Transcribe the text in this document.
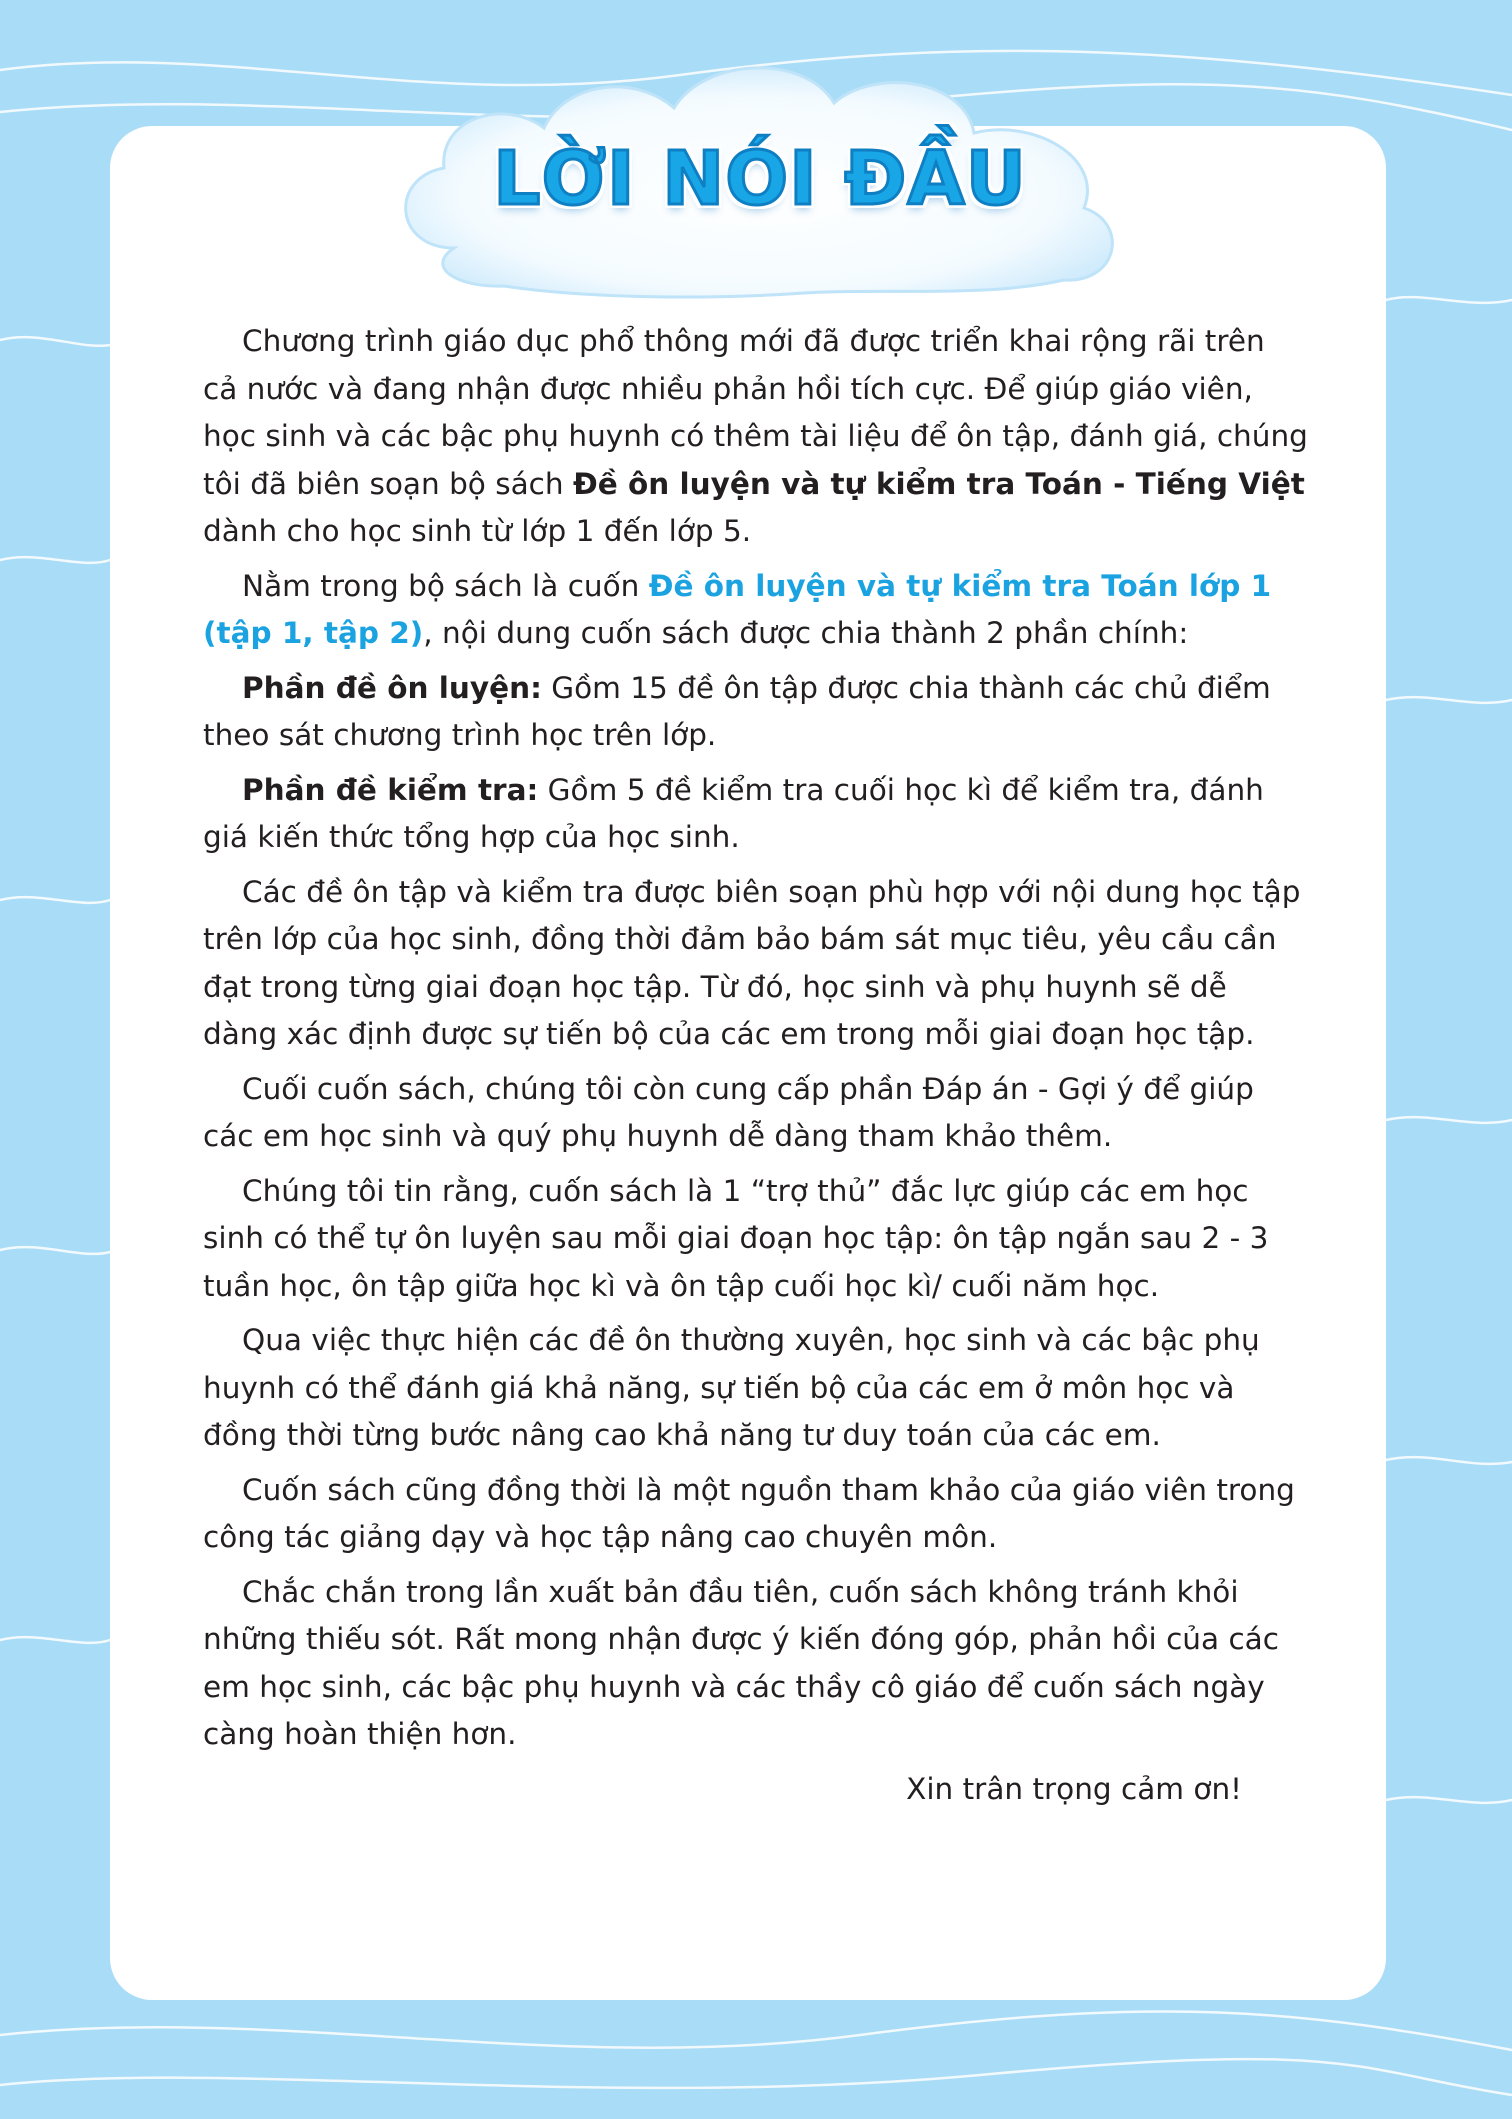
LỜI NÓI ĐẦU

Chương trình giáo dục phổ thông mới đã được triển khai rộng rãi trên cả nước và đang nhận được nhiều phản hồi tích cực. Để giúp giáo viên, học sinh và các bậc phụ huynh có thêm tài liệu để ôn tập, đánh giá, chúng tôi đã biên soạn bộ sách Đề ôn luyện và tự kiểm tra Toán - Tiếng Việt dành cho học sinh từ lớp 1 đến lớp 5.

Nằm trong bộ sách là cuốn Đề ôn luyện và tự kiểm tra Toán lớp 1 (tập 1, tập 2), nội dung cuốn sách được chia thành 2 phần chính:

Phần đề ôn luyện: Gồm 15 đề ôn tập được chia thành các chủ điểm theo sát chương trình học trên lớp.

Phần đề kiểm tra: Gồm 5 đề kiểm tra cuối học kì để kiểm tra, đánh giá kiến thức tổng hợp của học sinh.

Các đề ôn tập và kiểm tra được biên soạn phù hợp với nội dung học tập trên lớp của học sinh, đồng thời đảm bảo bám sát mục tiêu, yêu cầu cần đạt trong từng giai đoạn học tập. Từ đó, học sinh và phụ huynh sẽ dễ dàng xác định được sự tiến bộ của các em trong mỗi giai đoạn học tập.

Cuối cuốn sách, chúng tôi còn cung cấp phần Đáp án - Gợi ý để giúp các em học sinh và quý phụ huynh dễ dàng tham khảo thêm.

Chúng tôi tin rằng, cuốn sách là 1 “trợ thủ” đắc lực giúp các em học sinh có thể tự ôn luyện sau mỗi giai đoạn học tập: ôn tập ngắn sau 2 - 3 tuần học, ôn tập giữa học kì và ôn tập cuối học kì/ cuối năm học.

Qua việc thực hiện các đề ôn thường xuyên, học sinh và các bậc phụ huynh có thể đánh giá khả năng, sự tiến bộ của các em ở môn học và đồng thời từng bước nâng cao khả năng tư duy toán của các em.

Cuốn sách cũng đồng thời là một nguồn tham khảo của giáo viên trong công tác giảng dạy và học tập nâng cao chuyên môn.

Chắc chắn trong lần xuất bản đầu tiên, cuốn sách không tránh khỏi những thiếu sót. Rất mong nhận được ý kiến đóng góp, phản hồi của các em học sinh, các bậc phụ huynh và các thầy cô giáo để cuốn sách ngày càng hoàn thiện hơn.

Xin trân trọng cảm ơn!
